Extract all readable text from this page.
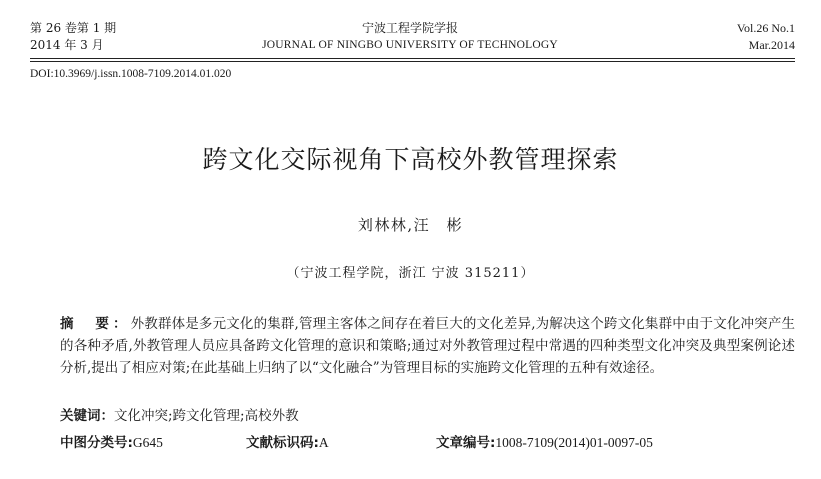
第 26 卷第 1 期
2014 年 3 月
宁波工程学院学报
JOURNAL OF NINGBO UNIVERSITY OF TECHNOLOGY
Vol.26 No.1
Mar.2014
DOI:10.3969/j.issn.1008-7109.2014.01.020
跨文化交际视角下高校外教管理探索
刘林林,汪　彬
（宁波工程学院，浙江 宁波 315211）
摘　要：外教群体是多元文化的集群,管理主客体之间存在着巨大的文化差异,为解决这个跨文化集群中由于文化冲突产生的各种矛盾,外教管理人员应具备跨文化管理的意识和策略;通过对外教管理过程中常遇的四种类型文化冲突及典型案例论述分析,提出了相应对策;在此基础上归纳了以“文化融合”为管理目标的实施跨文化管理的五种有效途径。
关键词：文化冲突;跨文化管理;高校外教
中图分类号:G645	文献标识码:A	文章编号:1008-7109(2014)01-0097-05
